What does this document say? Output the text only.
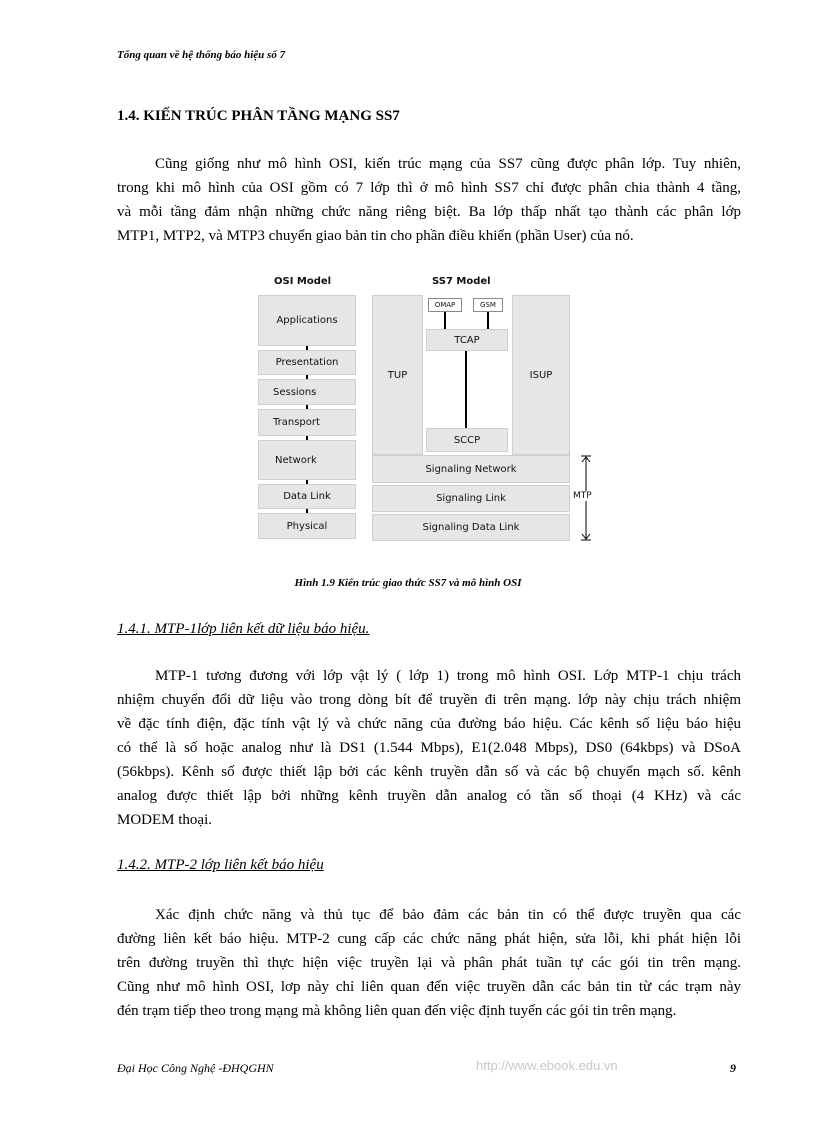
Tổng quan về hệ thống báo hiệu số 7
1.4. KIẾN TRÚC PHÂN TẦNG MẠNG SS7

Cũng giống như mô hình OSI, kiến trúc mạng của SS7 cũng được phân lớp. Tuy nhiên,
trong khi mô hình của OSI gồm có 7 lớp thì ở mô hình SS7 chỉ được phân chia thành 4 tầng,
và mỗi tầng đảm nhận những chức năng riêng biệt. Ba lớp thấp nhất tạo thành các phân lớp
MTP1, MTP2, và MTP3 chuyển giao bản tin cho phần điều khiển (phần User) của nó.

OSI Model	SS7 Model
Applications
Presentation
Sessions
Transport
Network
Data Link
Physical
TUP	ISUP
OMAP	GSM
TCAP
SCCP
Signaling Network
Signaling Link
Signaling Data Link
MTP
Hình 1.9 Kiến trúc giao thức SS7 và mô hình OSI
1.4.1. MTP-1lớp liên kết dữ liệu báo hiệu.

MTP-1 tương đương với lớp vật lý ( lớp 1) trong mô hình OSI. Lớp MTP-1 chịu trách
nhiệm chuyển đổi dữ liệu vào trong dòng bít để truyền đi trên mạng. lớp này chịu trách nhiệm
về đặc tính điện, đặc tính vật lý và chức năng của đường báo hiệu. Các kênh số liệu báo hiệu
có thể là số hoặc analog như là DS1 (1.544 Mbps), E1(2.048 Mbps), DS0 (64kbps) và DSoA
(56kbps). Kênh số được thiết lập bởi các kênh truyền dẫn số và các bộ chuyển mạch số. kênh
analog được thiết lập bởi những kênh truyền dẫn analog có tần số thoại (4 KHz) và các
MODEM thoại.

1.4.2. MTP-2 lớp liên kết báo hiệu

Xác định chức năng và thủ tục để bảo đảm các bản tin có thể được truyền qua các
đường liên kết báo hiệu. MTP-2 cung cấp các chức năng phát hiện, sửa lỗi, khi phát hiện lỗi
trên đường truyền thì thực hiện việc truyền lại và phân phát tuần tự các gói tin trên mạng.
Cũng như mô hình OSI, lơp này chỉ liên quan đến việc truyền dẫn các bản tin từ các trạm này
đén trạm tiếp theo trong mạng mà không liên quan đến việc định tuyến các gói tin trên mạng.

Đại Học Công Nghệ -ĐHQGHN	http://www.ebook.edu.vn	9
